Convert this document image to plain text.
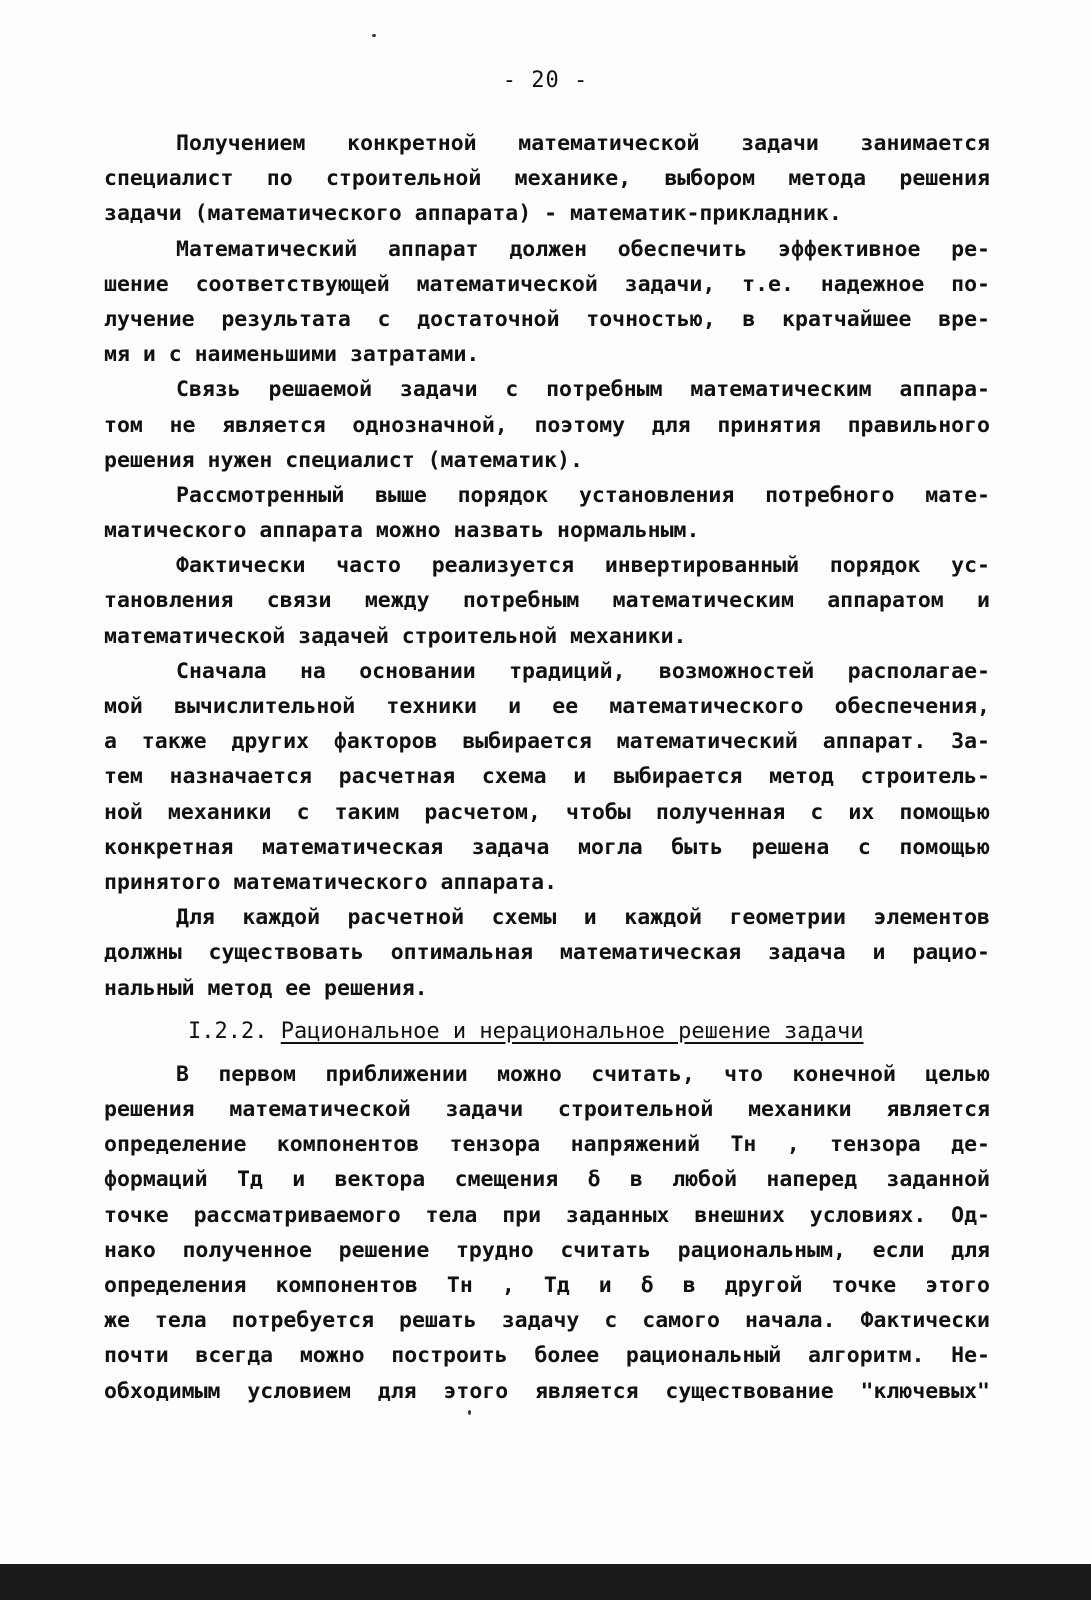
- 20 -
Получением конкретной математической задачи занимается
специалист по строительной механике, выбором метода решения
задачи (математического аппарата) - математик-прикладник.
Математический аппарат должен обеспечить эффективное ре-
шение соответствующей математической задачи, т.е. надежное по-
лучение результата с достаточной точностью, в кратчайшее вре-
мя и с наименьшими затратами.
Связь решаемой задачи с потребным математическим аппара-
том не является однозначной, поэтому для принятия правильного
решения нужен специалист (математик).
Рассмотренный выше порядок установления потребного мате-
матического аппарата можно назвать нормальным.
Фактически часто реализуется инвертированный порядок ус-
тановления связи между потребным математическим аппаратом и
математической задачей строительной механики.
Сначала на основании традиций, возможностей располагае-
мой вычислительной техники и ее математического обеспечения,
а также других факторов выбирается математический аппарат. За-
тем назначается расчетная схема и выбирается метод строитель-
ной механики с таким расчетом, чтобы полученная с их помощью
конкретная математическая задача могла быть решена с помощью
принятого математического аппарата.
Для каждой расчетной схемы и каждой геометрии элементов
должны существовать оптимальная математическая задача и рацио-
нальный метод ее решения.
I.2.2. Рациональное и нерациональное решение задачи
В первом приближении можно считать, что конечной целью
решения математической задачи строительной механики является
определение компонентов тензора напряжений Tн , тензора де-
формаций Tд и вектора смещения δ в любой наперед заданной
точке рассматриваемого тела при заданных внешних условиях. Од-
нако полученное решение трудно считать рациональным, если для
определения компонентов Tн , Tд и δ в другой точке этого
же тела потребуется решать задачу с самого начала. Фактически
почти всегда можно построить более рациональный алгоритм. Не-
обходимым условием для этого является существование "ключевых"
